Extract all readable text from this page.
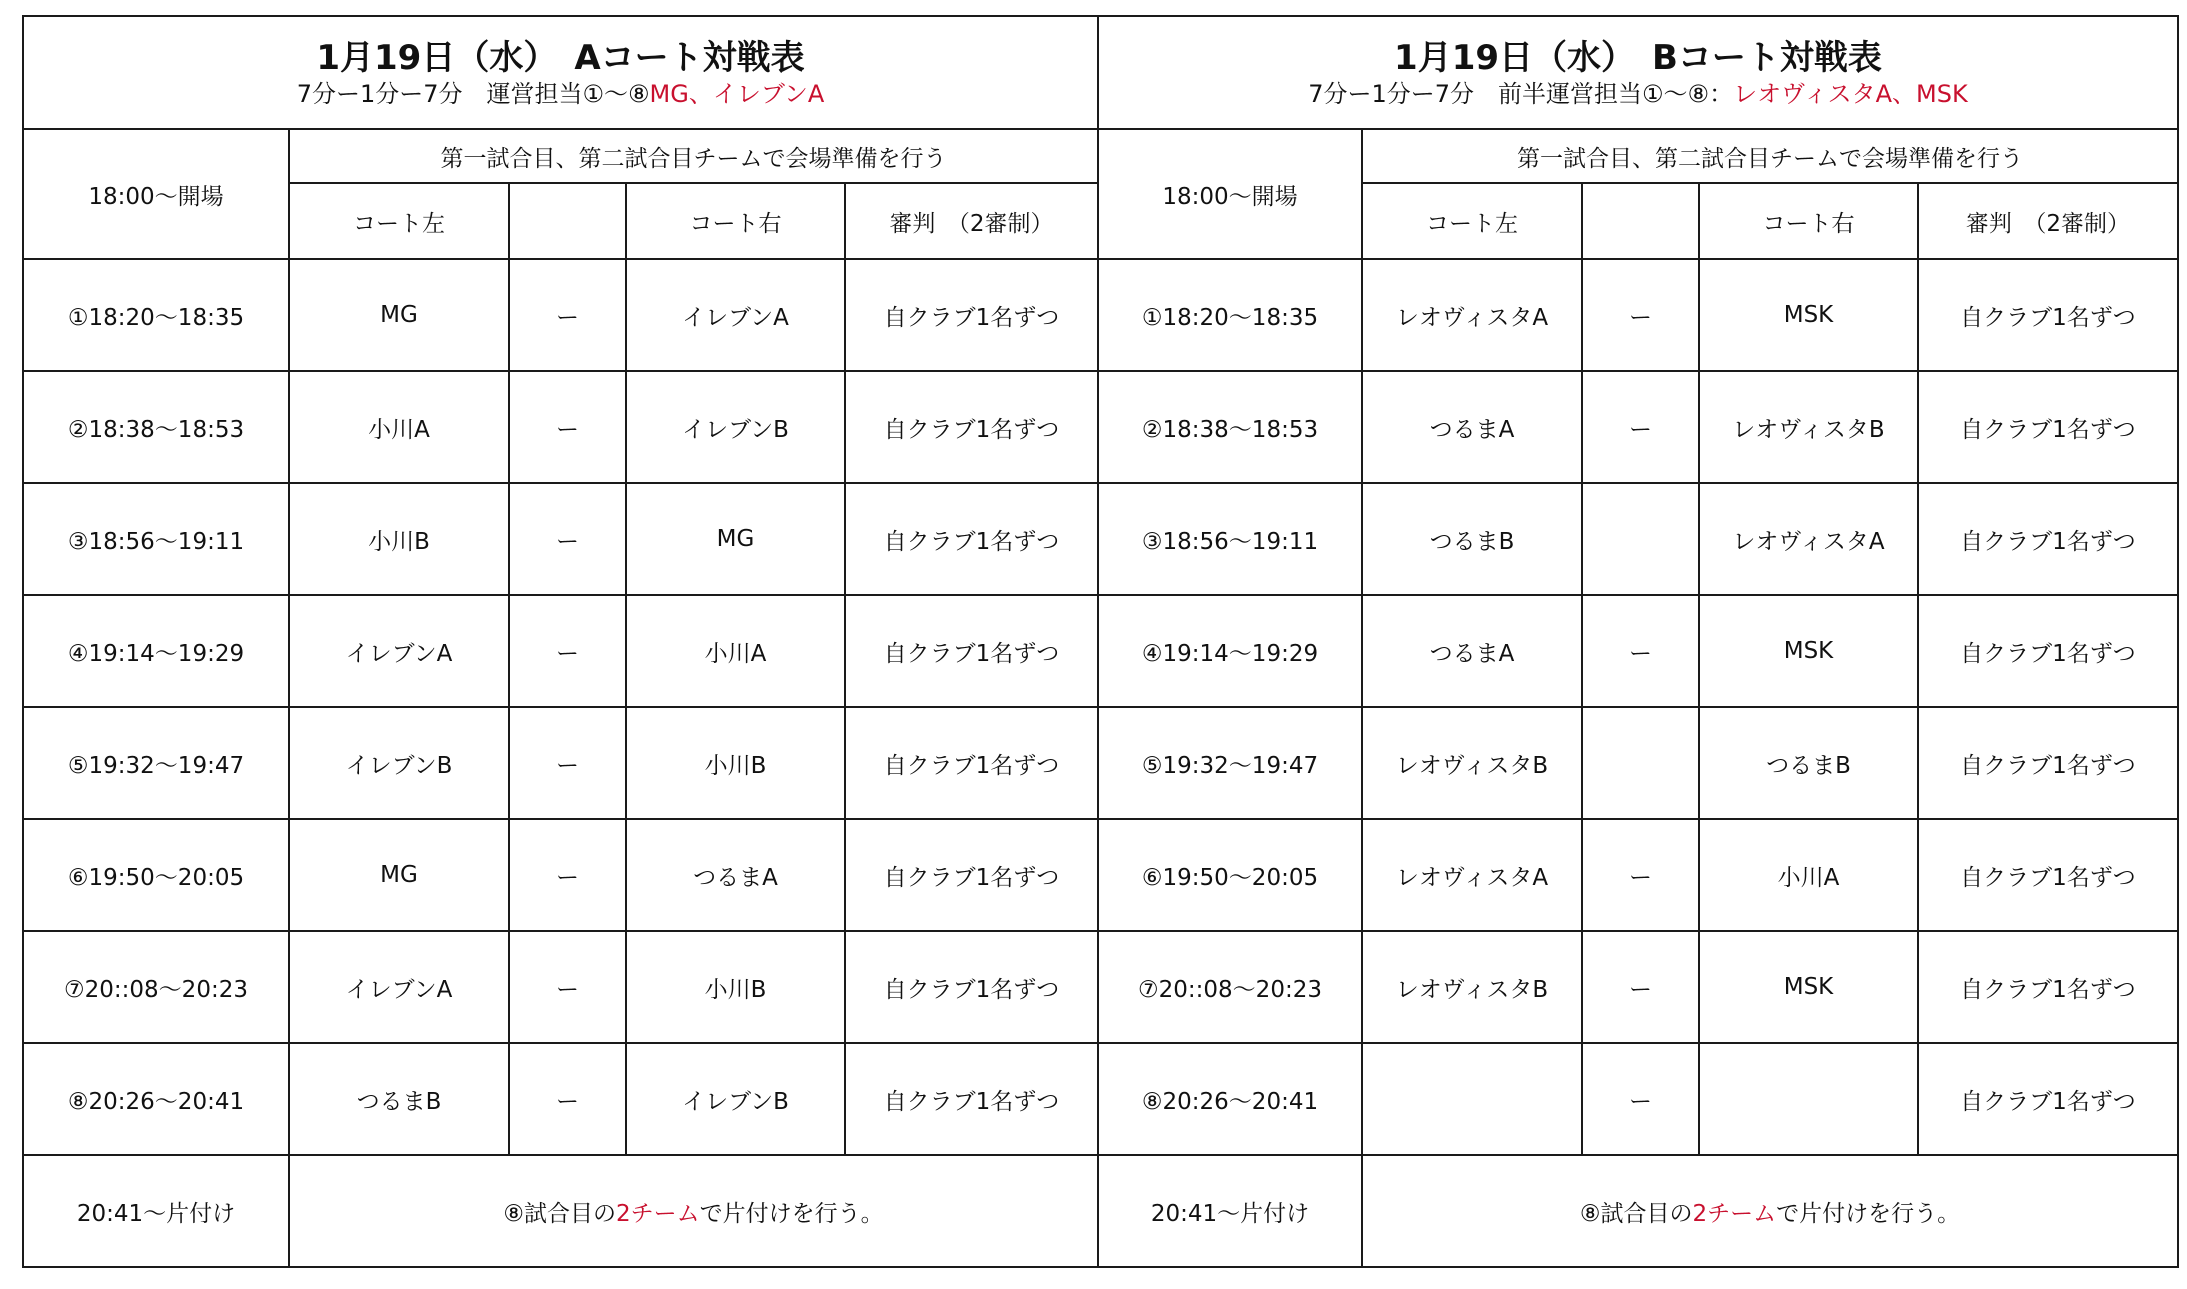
1月19日（水）　Aコート対戦表
7分ー1分ー7分　運営担当①～⑧MG、イレブンA				

18:00～開場	第一試合目、第二試合目チームで会場準備を行う			
	コート左		コート右	審判　（2審制）
①18:20～18:35	MG	ー	イレブンA	自クラブ1名ずつ
②18:38～18:53	小川A	ー	イレブンB	自クラブ1名ずつ
③18:56～19:11	小川B	ー	MG	自クラブ1名ずつ
④19:14～19:29	イレブンA	ー	小川A	自クラブ1名ずつ
⑤19:32～19:47	イレブンB	ー	小川B	自クラブ1名ずつ
⑥19:50～20:05	MG	ー	つるまA	自クラブ1名ずつ
⑦20::08～20:23	イレブンA	ー	小川B	自クラブ1名ずつ
⑧20:26～20:41	つるまB	ー	イレブンB	自クラブ1名ずつ
20:41～片付け	⑧試合目の2チームで片付けを行う。			
1月19日（水）　Bコート対戦表
7分ー1分ー7分　前半運営担当①～⑧：レオヴィスタA、MSK				

18:00～開場	第一試合目、第二試合目チームで会場準備を行う			
	コート左		コート右	審判　（2審制）
①18:20～18:35	レオヴィスタA	ー	MSK	自クラブ1名ずつ
②18:38～18:53	つるまA	ー	レオヴィスタB	自クラブ1名ずつ
③18:56～19:11	つるまB		レオヴィスタA	自クラブ1名ずつ
④19:14～19:29	つるまA	ー	MSK	自クラブ1名ずつ
⑤19:32～19:47	レオヴィスタB		つるまB	自クラブ1名ずつ
⑥19:50～20:05	レオヴィスタA	ー	小川A	自クラブ1名ずつ
⑦20::08～20:23	レオヴィスタB	ー	MSK	自クラブ1名ずつ
⑧20:26～20:41		ー		自クラブ1名ずつ
20:41～片付け	⑧試合目の2チームで片付けを行う。			
